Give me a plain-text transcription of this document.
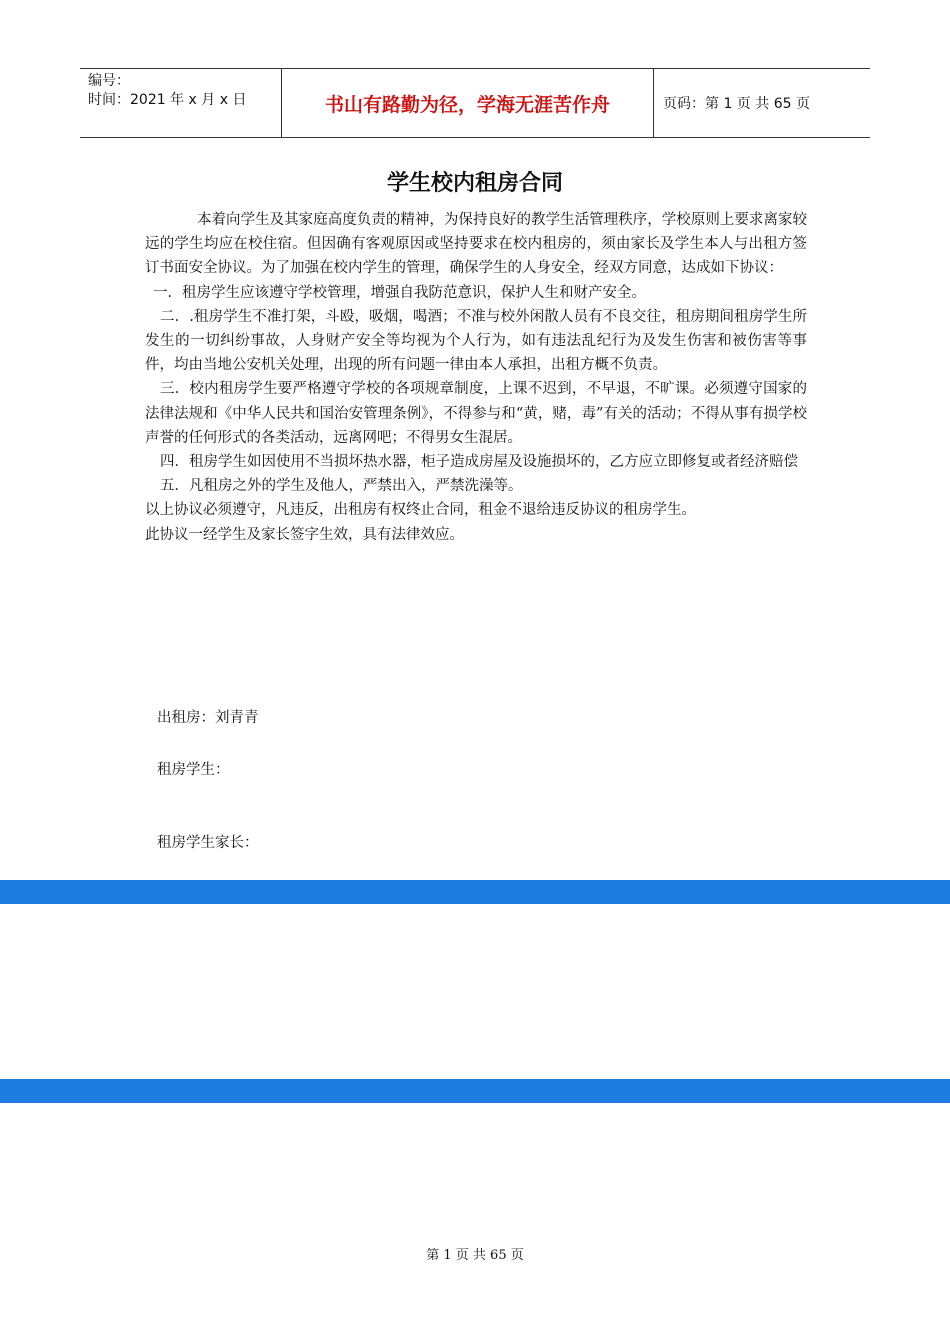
编号：
时间：2021 年 x 月 x 日	书山有路勤为径，学海无涯苦作舟	页码：第 1 页 共 65 页
学生校内租房合同

本着向学生及其家庭高度负责的精神，为保持良好的教学生活管理秩序，学校原则上要求离家较远的学生均应在校住宿。但因确有客观原因或坚持要求在校内租房的，须由家长及学生本人与出租方签订书面安全协议。为了加强在校内学生的管理，确保学生的人身安全，经双方同意，达成如下协议：

一．租房学生应该遵守学校管理，增强自我防范意识，保护人生和财产安全。

二．.租房学生不准打架，斗殴，吸烟，喝酒；不准与校外闲散人员有不良交往，租房期间租房学生所发生的一切纠纷事故，人身财产安全等均视为个人行为，如有违法乱纪行为及发生伤害和被伤害等事件，均由当地公安机关处理，出现的所有问题一律由本人承担，出租方概不负责。

三．校内租房学生要严格遵守学校的各项规章制度，上课不迟到，不早退，不旷课。必须遵守国家的法律法规和《中华人民共和国治安管理条例》，不得参与和“黄，赌，毒”有关的活动；不得从事有损学校声誉的任何形式的各类活动，远离网吧；不得男女生混居。

四．租房学生如因使用不当损坏热水器，柜子造成房屋及设施损坏的，乙方应立即修复或者经济赔偿

五．凡租房之外的学生及他人，严禁出入，严禁洗澡等。

以上协议必须遵守，凡违反，出租房有权终止合同，租金不退给违反协议的租房学生。

此协议一经学生及家长签字生效，具有法律效应。

出租房：刘青青
租房学生：
租房学生家长：
第 1 页 共 65 页
